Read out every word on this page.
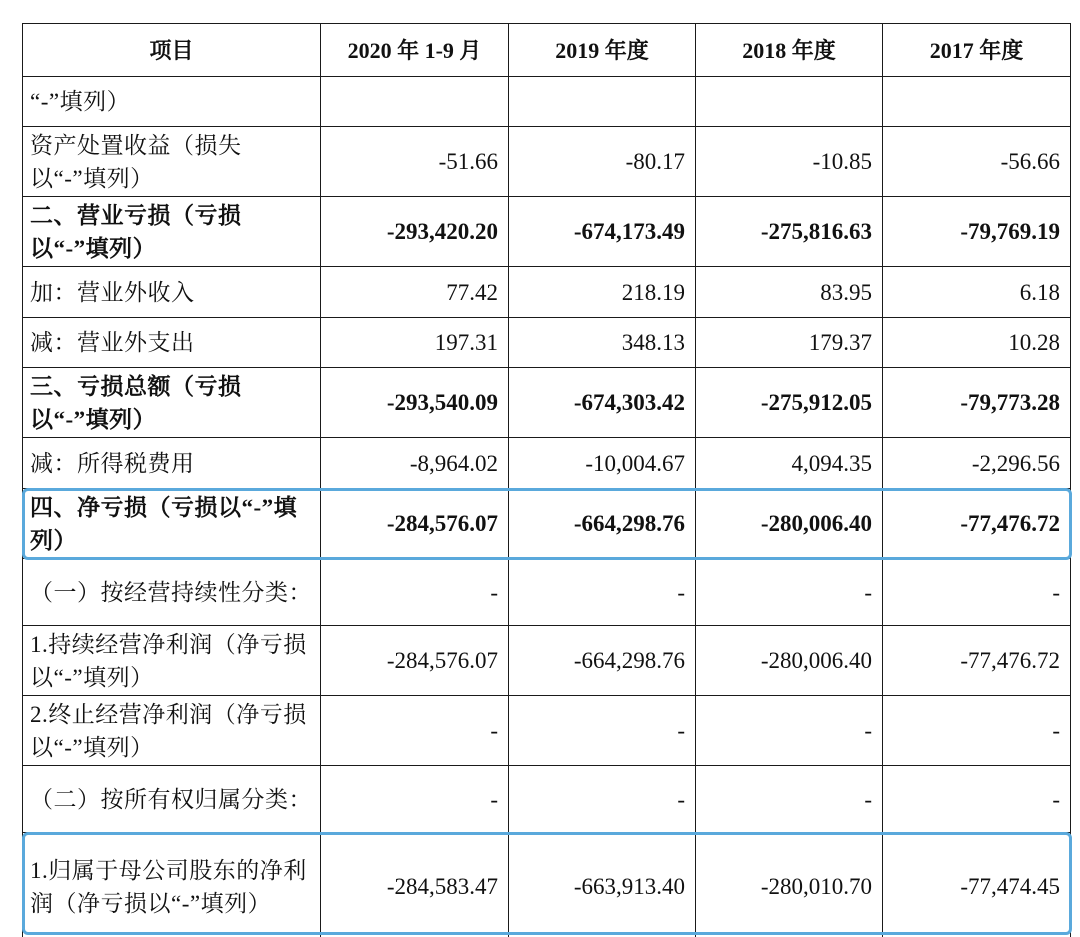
项目	2020 年 1-9 月	2019 年度	2018 年度	2017 年度
“-”填列）				
资产处置收益（损失以“-”填列）	-51.66	-80.17	-10.85	-56.66
二、营业亏损（亏损以“-”填列）	-293,420.20	-674,173.49	-275,816.63	-79,769.19
加：营业外收入	77.42	218.19	83.95	6.18
减：营业外支出	197.31	348.13	179.37	10.28
三、亏损总额（亏损以“-”填列）	-293,540.09	-674,303.42	-275,912.05	-79,773.28
减：所得税费用	-8,964.02	-10,004.67	4,094.35	-2,296.56
四、净亏损（亏损以“-”填列）	-284,576.07	-664,298.76	-280,006.40	-77,476.72
（一）按经营持续性分类：	-	-	-	-
1.持续经营净利润（净亏损以“-”填列）	-284,576.07	-664,298.76	-280,006.40	-77,476.72
2.终止经营净利润（净亏损以“-”填列）	-	-	-	-
（二）按所有权归属分类：	-	-	-	-
1.归属于母公司股东的净利润（净亏损以“-”填列）	-284,583.47	-663,913.40	-280,010.70	-77,474.45
